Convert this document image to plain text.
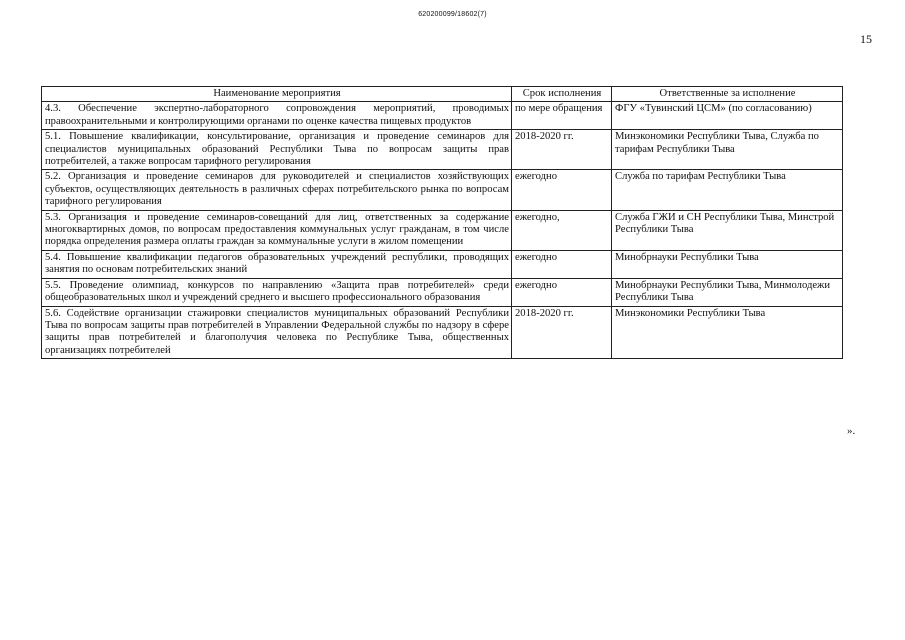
620200099/18602(7)
15
Наименование мероприятия	Срок исполнения	Ответственные за исполнение
4.3. Обеспечение экспертно-лабораторного сопровождения мероприятий, проводимых правоохранительными и контролирующими органами по оценке качества пищевых продуктов	по мере обращения	ФГУ «Тувинский ЦСМ» (по согласованию)
5.1. Повышение квалификации, консультирование, организация и проведение семинаров для специалистов муниципальных образований Республики Тыва по вопросам защиты прав потребителей, а также вопросам тарифного регулирования	2018-2020 гг.	Минэкономики Республики Тыва, Служба по тарифам Республики Тыва
5.2. Организация и проведение семинаров для руководителей и специалистов хозяйствующих субъектов, осуществляющих деятельность в различных сферах потребительского рынка по вопросам тарифного регулирования	ежегодно	Служба по тарифам Республики Тыва
5.3. Организация и проведение семинаров-совещаний для лиц, ответственных за содержание многоквартирных домов, по вопросам предоставления коммунальных услуг гражданам, в том числе порядка определения размера оплаты граждан за коммунальные услуги в жилом помещении	ежегодно,	Служба ГЖИ и СН Республики Тыва, Минстрой Республики Тыва
5.4. Повышение квалификации педагогов образовательных учреждений республики, проводящих занятия по основам потребительских знаний	ежегодно	Минобрнауки Республики Тыва
5.5. Проведение олимпиад, конкурсов по направлению «Защита прав потребителей» среди общеобразовательных школ и учреждений среднего и высшего профессионального образования	ежегодно	Минобрнауки Республики Тыва, Минмолодежи Республики Тыва
5.6. Содействие организации стажировки специалистов муниципальных образований Республики Тыва по вопросам защиты прав потребителей в Управлении Федеральной службы по надзору в сфере защиты прав потребителей и благополучия человека по Республике Тыва, общественных организациях потребителей	2018-2020 гг.	Минэкономики Республики Тыва
».
